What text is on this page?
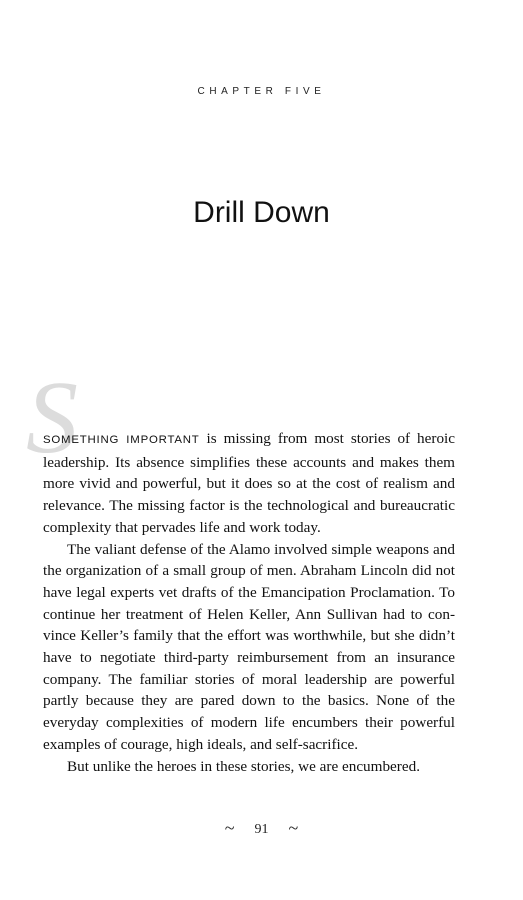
CHAPTER FIVE
Drill Down
S

SOMETHING IMPORTANT is missing from most stories of heroic leadership. Its absence simplifies these accounts and makes them more vivid and powerful, but it does so at the cost of realism and relevance. The missing factor is the technological and bureaucratic complexity that pervades life and work today.

The valiant defense of the Alamo involved simple weapons and the organization of a small group of men. Abraham Lincoln did not have legal experts vet drafts of the Emancipation Proclamation. To continue her treatment of Helen Keller, Ann Sullivan had to convince Keller’s family that the effort was worthwhile, but she didn’t have to negotiate third-party reimbursement from an insurance company. The familiar stories of moral leadership are powerful partly because they are pared down to the basics. None of the everyday complexities of modern life encumbers their powerful examples of courage, high ideals, and self-sacrifice.

But unlike the heroes in these stories, we are encumbered.

~ 91 ~
